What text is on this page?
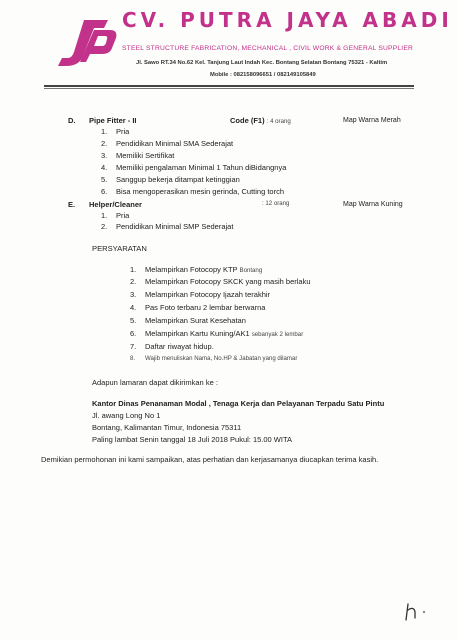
CV. PUTRA JAYA ABADI
STEEL STRUCTURE FABRICATION, MECHANICAL , CIVIL WORK & GENERAL SUPPLIER
Jl. Sawo RT.34 No.62 Kel. Tanjung Laut Indah Kec. Bontang Selatan Bontang 75321 - Kaltim
Mobile : 082158096651 / 082149105849
D. Pipe Fitter - II	Code (F1) : 4 orang	Map Warna Merah
1. Pria
2. Pendidikan Minimal SMA Sederajat
3. Memiliki Sertifikat
4. Memiliki pengalaman Minimal 1 Tahun diBidangnya
5. Sanggup bekerja ditampat ketinggian
6. Bisa mengoperasikan mesin gerinda, Cutting torch
E. Helper/Cleaner	: 12 orang	Map Warna Kuning
1. Pria
2. Pendidikan Minimal SMP Sederajat
PERSYARATAN
1. Melampirkan Fotocopy KTP Bontang
2. Melampirkan Fotocopy SKCK yang masih berlaku
3. Melampirkan Fotocopy Ijazah terakhir
4. Pas Foto terbaru 2 lembar berwarna
5. Melampirkan Surat Kesehatan
6. Melampirkan Kartu Kuning/AK1 sebanyak 2 lembar
7. Daftar riwayat hidup.
8. Wajib menuliskan Nama, No.HP & Jabatan yang dilamar
Adapun lamaran dapat dikirimkan ke :
Kantor Dinas Penanaman Modal , Tenaga Kerja dan Pelayanan Terpadu Satu Pintu
Jl. awang Long No 1
Bontang, Kalimantan Timur, Indonesia 75311
Paling lambat Senin tanggal 18 Juli 2018 Pukul: 15.00 WITA
Demikian permohonan ini kami sampaikan, atas perhatian dan kerjasamanya diucapkan terima kasih.
